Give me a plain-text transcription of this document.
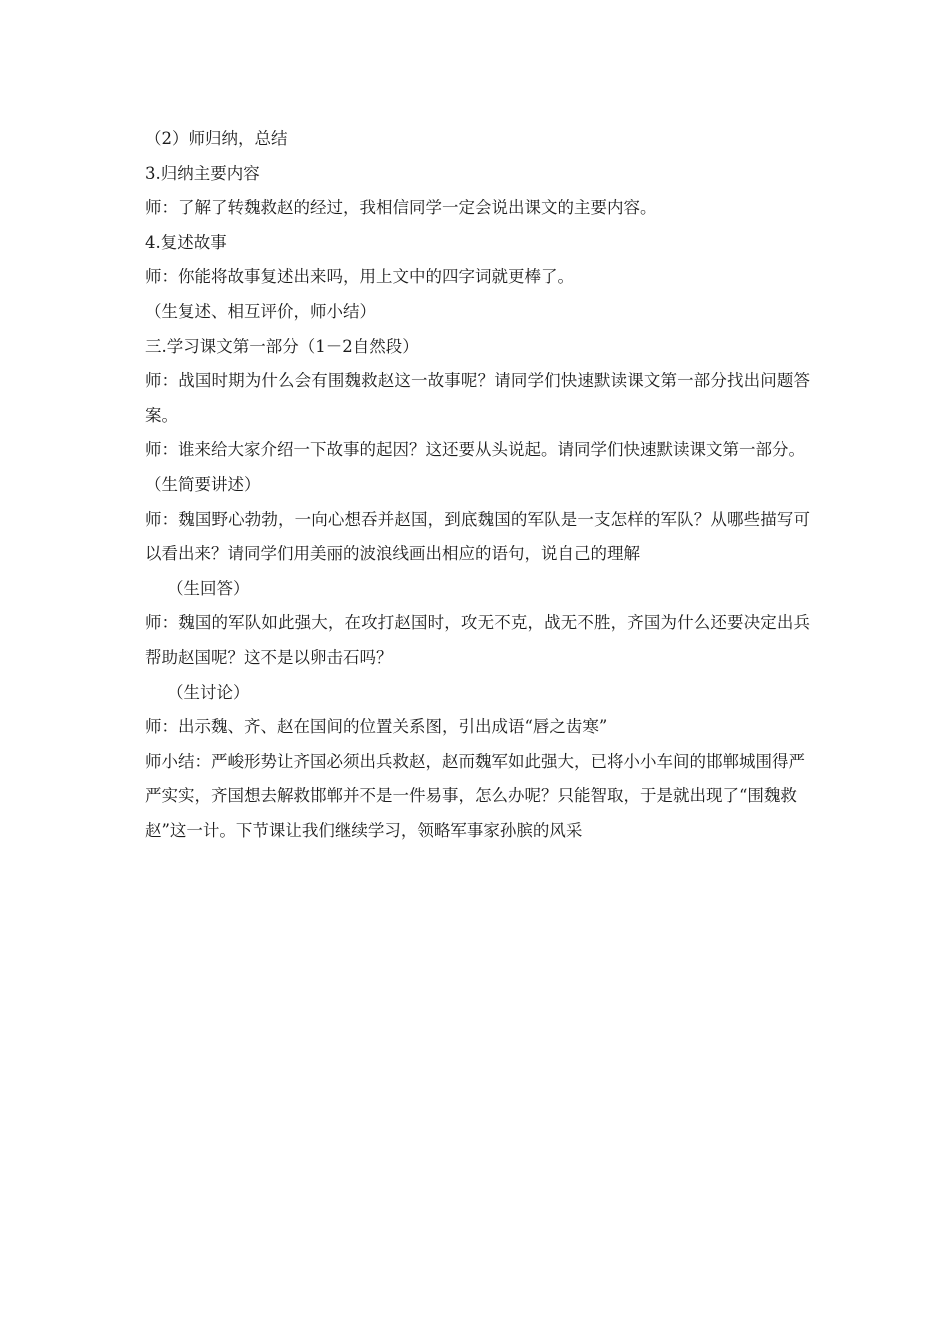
（2）师归纳，总结

3.归纳主要内容

师：了解了转魏救赵的经过，我相信同学一定会说出课文的主要内容。

4.复述故事

师：你能将故事复述出来吗，用上文中的四字词就更棒了。

（生复述、相互评价，师小结）

三.学习课文第一部分（1－2自然段）

师：战国时期为什么会有围魏救赵这一故事呢？请同学们快速默读课文第一部分找出问题答案。

师：谁来给大家介绍一下故事的起因？这还要从头说起。请同学们快速默读课文第一部分。

（生简要讲述）

师：魏国野心勃勃，一向心想吞并赵国，到底魏国的军队是一支怎样的军队？从哪些描写可以看出来？请同学们用美丽的波浪线画出相应的语句，说自己的理解

（生回答）

师：魏国的军队如此强大，在攻打赵国时，攻无不克，战无不胜，齐国为什么还要决定出兵帮助赵国呢？这不是以卵击石吗？

（生讨论）

师：出示魏、齐、赵在国间的位置关系图，引出成语“唇之齿寒”

师小结：严峻形势让齐国必须出兵救赵，赵而魏军如此强大，已将小小车间的邯郸城围得严严实实，齐国想去解救邯郸并不是一件易事，怎么办呢？只能智取，于是就出现了“围魏救赵”这一计。下节课让我们继续学习，领略军事家孙膑的风采
